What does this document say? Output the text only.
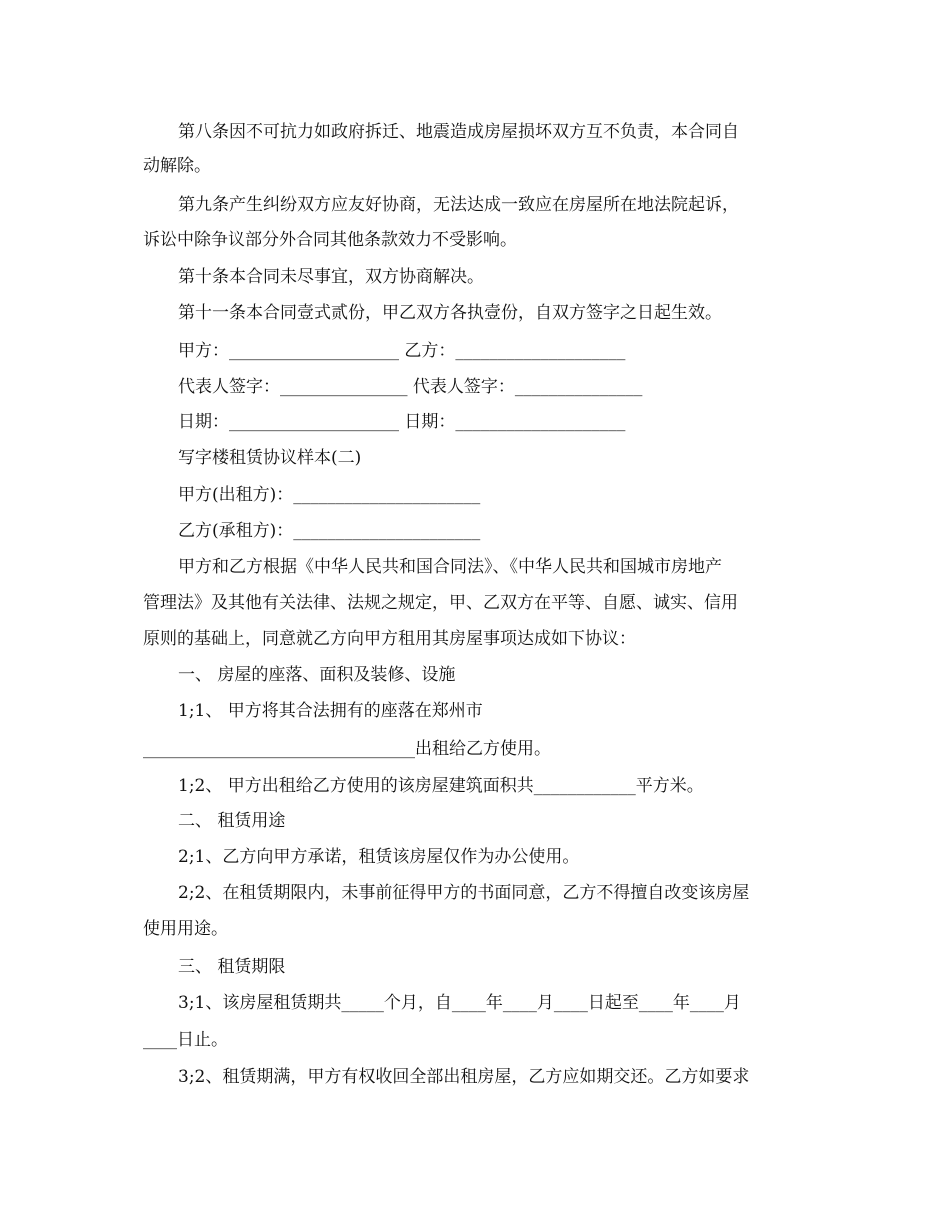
第八条因不可抗力如政府拆迁、地震造成房屋损坏双方互不负责，本合同自
动解除。
第九条产生纠纷双方应友好协商，无法达成一致应在房屋所在地法院起诉，
诉讼中除争议部分外合同其他条款效力不受影响。
第十条本合同未尽事宜，双方协商解决。
第十一条本合同壹式贰份，甲乙双方各执壹份，自双方签字之日起生效。
甲方：____________________ 乙方：____________________
代表人签字：_______________ 代表人签字：_______________
日期：____________________ 日期：____________________
写字楼租赁协议样本(二)
甲方(出租方)：______________________
乙方(承租方)：______________________
甲方和乙方根据《中华人民共和国合同法》、《中华人民共和国城市房地产
管理法》及其他有关法律、法规之规定，甲、乙双方在平等、自愿、诚实、信用
原则的基础上，同意就乙方向甲方租用其房屋事项达成如下协议：
一、 房屋的座落、面积及装修、设施
1;1、 甲方将其合法拥有的座落在郑州市
________________________________出租给乙方使用。
1;2、 甲方出租给乙方使用的该房屋建筑面积共____________平方米。
二、 租赁用途
2;1、乙方向甲方承诺，租赁该房屋仅作为办公使用。
2;2、在租赁期限内，未事前征得甲方的书面同意，乙方不得擅自改变该房屋
使用用途。
三、 租赁期限
3;1、该房屋租赁期共_____个月，自____年____月____日起至____年____月
____日止。
3;2、租赁期满，甲方有权收回全部出租房屋，乙方应如期交还。乙方如要求
